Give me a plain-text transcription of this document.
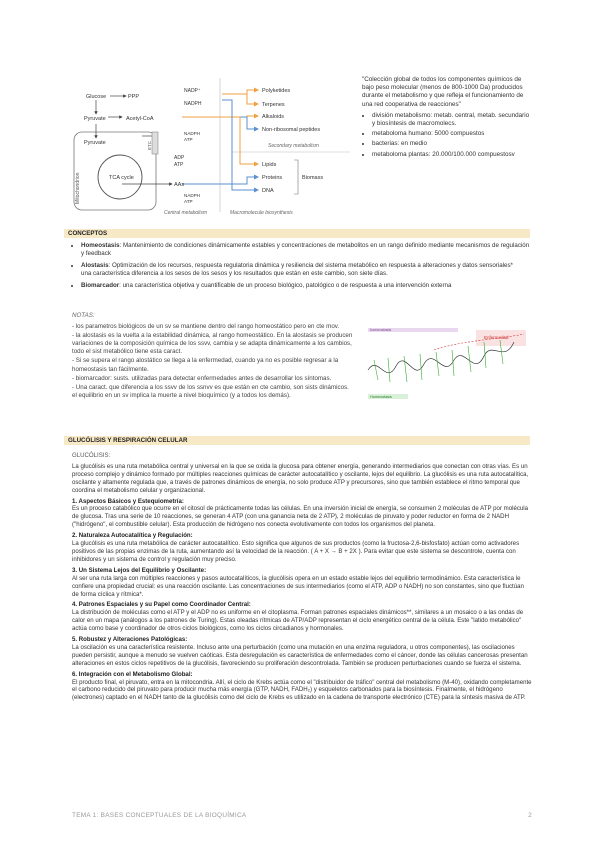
Glucose	PPP
NADP⁺
NADPH
Pyruvate	Acetyl-CoA
Pyruvate
TCA cycle
Mitochondrion
ETC
ADP
ATP
NADPH
ATP
AAs
NADPH
ATP
Polyketides
Terpenes
Alkaloids
Non-ribosomal peptides
Secondary metabolism
Lipids
Proteins
DNA
Biomass
Central metabolism	Macromolecule biosynthesis

"Colección global de todos los componentes químicos de bajo peso molecular (menos de 800-1000 Da) producidos durante el metabolismo y que refleja el funcionamiento de una red cooperativa de reacciones"

• división metabolismo: metab. central, metab. secundario y biosíntesis de macromolecs.
• metaboloma humano: 5000 compuestos
• bacterias: en medio
• metaboloma plantas: 20.000/100.000 compuestosv
CONCEPTOS
• Homeostasis: Mantenimiento de condiciones dinámicamente estables y concentraciones de metabolitos en un rango definido mediante mecanismos de regulación y feedback
• Alostasis: Optimización de los recursos, respuesta regulatoria dinámica y resiliencia del sistema metabólico en respuesta a alteraciones y datos sensoriales*
una característica diferencia a los sesos de los sesos y los resultados que están en este cambio, son siete días.
• Biomarcador: una característica objetiva y cuantificable de un proceso biológico, patológico o de respuesta a una intervención externa

NOTAS:

- los parametros biológicos de un sv se mantiene dentro del rango homeostático pero en cte mov.

- la alostasis es la vuelta a la estabilidad dinámica, al rango homeostático. En la alostasis se producen variaciones de la composición química de los ssvv, cambia y se adapta dinámicamente a los cambios, todo el sist metabólico tiene esta caract.

- Si se supera el rango alostático se llega a la enfermedad, cuando ya no es posible regresar a la homeostasis tan fácilmente.

- biomarcador: susts. utilizadas para detectar enfermedades antes de desarrollar los síntomas.

- Una caract. que diferencia a los ssvv de los ssnvv es que están en cte cambio, son sists dinámicos. el equilibrio en un sv implica la muerte a nivel bioquímico (y a todos los demás).

homeostasis
Enfermedad
Homeostasis
GLUCÓLISIS Y RESPIRACIÓN CELULAR

GLUCÓLISIS:

La glucólisis es una ruta metabólica central y universal en la que se oxida la glucosa para obtener energía, generando intermediarios que conectan con otras vías. Es un proceso complejo y dinámico formado por múltiples reacciones químicas de carácter autocatalítico y oscilante, lejos del equilibrio. La glucólisis es una ruta autocatalítica, oscilante y altamente regulada que, a través de patrones dinámicos de energía, no solo produce ATP y precursores, sino que también establece el ritmo temporal que coordina el metabolismo celular y organizacional.

1. Aspectos Básicos y Estequiometría:

Es un proceso catabólico que ocurre en el citosol de prácticamente todas las células. En una inversión inicial de energía, se consumen 2 moléculas de ATP por molécula de glucosa. Tras una serie de 10 reacciones, se generan 4 ATP (con una ganancia neta de 2 ATP), 2 moléculas de piruvato y poder reductor en forma de 2 NADH ("hidrógeno", el combustible celular). Esta producción de hidrógeno nos conecta evolutivamente con todos los organismos del planeta.

2. Naturaleza Autocatalítica y Regulación:

La glucólisis es una ruta metabólica de carácter autocatalítico. Esto significa que algunos de sus productos (como la fructosa-2,6-bisfosfato) actúan como activadores positivos de las propias enzimas de la ruta, aumentando así la velocidad de la reacción. ( A + X → B + 2X ). Para evitar que este sistema se descontrole, cuenta con inhibidores y un sistema de control y regulación muy preciso.

3. Un Sistema Lejos del Equilibrio y Oscilante:

Al ser una ruta larga con múltiples reacciones y pasos autocatalíticos, la glucólisis opera en un estado estable lejos del equilibrio termodinámico. Esta característica le confiere una propiedad crucial: es una reacción oscilante. Las concentraciones de sus intermediarios (como el ATP, ADP o NADH) no son constantes, sino que fluctúan de forma cíclica y rítmica*.

4. Patrones Espaciales y su Papel como Coordinador Central:

La distribución de moléculas como el ATP y el ADP no es uniforme en el citoplasma. Forman patrones espaciales dinámicos**, similares a un mosaico o a las ondas de calor en un mapa (análogos a los patrones de Turing). Estas oleadas rítmicas de ATP/ADP representan el ciclo energético central de la célula. Este "latido metabólico" actúa como base y coordinador de otros ciclos biológicos, como los ciclos circadianos y hormonales.

5. Robustez y Alteraciones Patológicas:

La oscilación es una característica resistente. Incluso ante una perturbación (como una mutación en una enzima reguladora, u otros componentes), las oscilaciones pueden persistir, aunque a menudo se vuelven caóticas. Esta desregulación es característica de enfermedades como el cáncer, donde las células cancerosas presentan alteraciones en estos ciclos repetitivos de la glucólisis, favoreciendo su proliferación descontrolada. También se producen perturbaciones cuando se fuerza el sistema.

6. Integración con el Metabolismo Global:

El producto final, el piruvato, entra en la mitocondria. Allí, el ciclo de Krebs actúa como el "distribuidor de tráfico" central del metabolismo (M-40), oxidando completamente el carbono reducido del piruvato para producir mucha más energía (GTP, NADH, FADH₂) y esqueletos carbonados para la biosíntesis. Finalmente, el hidrógeno (electrones) captado en el NADH tanto de la glucólisis como del ciclo de Krebs es utilizado en la cadena de transporte electrónico (CTE) para la síntesis masiva de ATP.

TEMA 1: BASES CONCEPTUALES DE LA BIOQUÍMICA	2
